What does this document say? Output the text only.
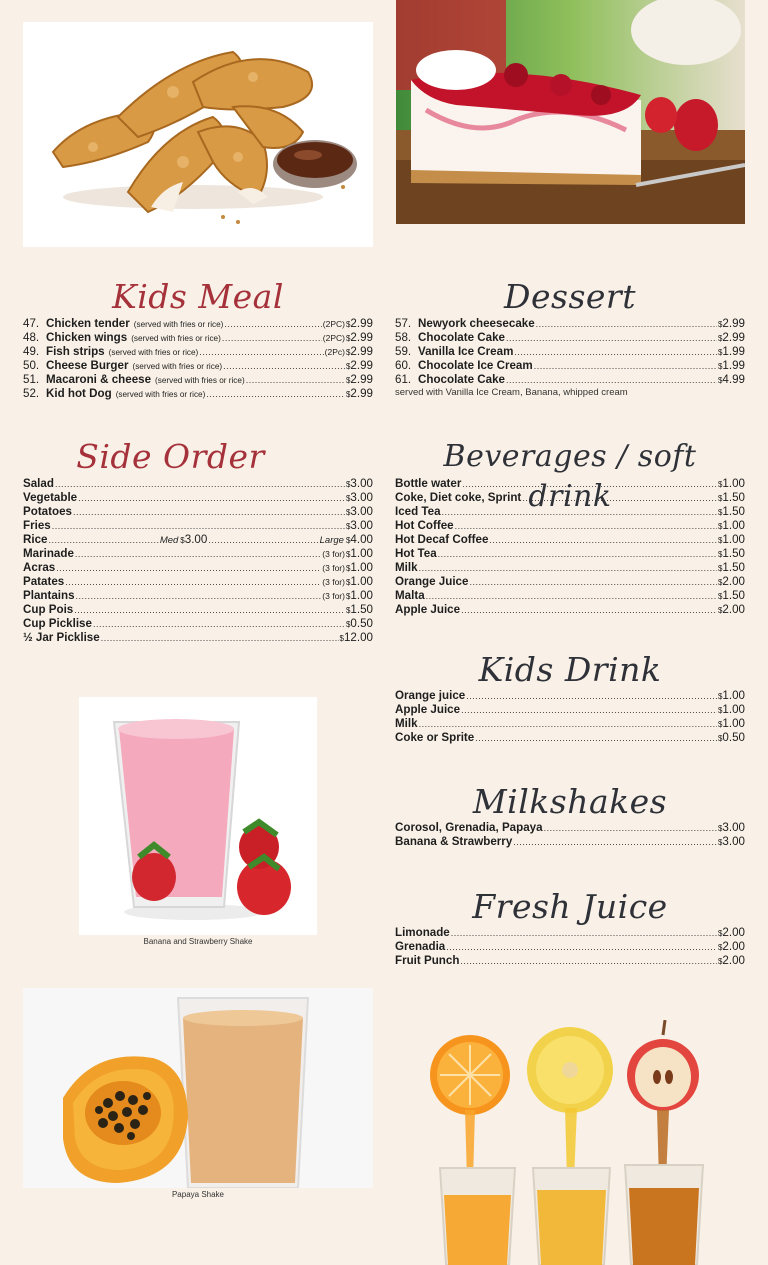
Banana and Strawberry Shake
Papaya Shake
Kids Meal	Dessert
Side Order	Beverages / soft drink
Kids Drink
Milkshakes
Fresh Juice
47. Chicken tender (served with fries or rice) .....	(2PC) $2.99
48. Chicken wings (served with fries or rice) .....	(2PC) $2.99
49. Fish strips (served with fries or rice) .....	(2Pc) $2.99
50. Cheese Burger (served with fries or rice) .....	$2.99
51. Macaroni & cheese (served with fries or rice) .....	$2.99
52. Kid hot Dog (served with fries or rice) .....	$2.99
57. Newyork cheesecake .....	$2.99
58. Chocolate Cake .....	$2.99
59. Vanilla Ice Cream .....	$1.99
60. Chocolate Ice Cream .....	$1.99
61. Chocolate Cake .....	$4.99
served with Vanilla Ice Cream, Banana, whipped cream
Salad .....	$3.00
Vegetable .....	$3.00
Potatoes .....	$3.00
Fries .....	$3.00
Rice .....	Med $3.00 .....	Large $4.00
Marinade .....	(3 for) $1.00
Acras .....	(3 for) $1.00
Patates .....	(3 for) $1.00
Plantains .....	(3 for) $1.00
Cup Pois .....	$1.50
Cup Picklise .....	$0.50
½ Jar Picklise .....	$12.00
Bottle water .....	$1.00
Coke, Diet coke, Sprint .....	$1.50
Iced Tea .....	$1.50
Hot Coffee .....	$1.00
Hot Decaf Coffee .....	$1.00
Hot Tea .....	$1.50
Milk .....	$1.50
Orange Juice .....	$2.00
Malta .....	$1.50
Apple Juice .....	$2.00
Orange juice .....	$1.00
Apple Juice .....	$1.00
Milk .....	$1.00
Coke or Sprite .....	$0.50
Corosol, Grenadia, Papaya .....	$3.00
Banana & Strawberry .....	$3.00
Limonade .....	$2.00
Grenadia .....	$2.00
Fruit Punch .....	$2.00
